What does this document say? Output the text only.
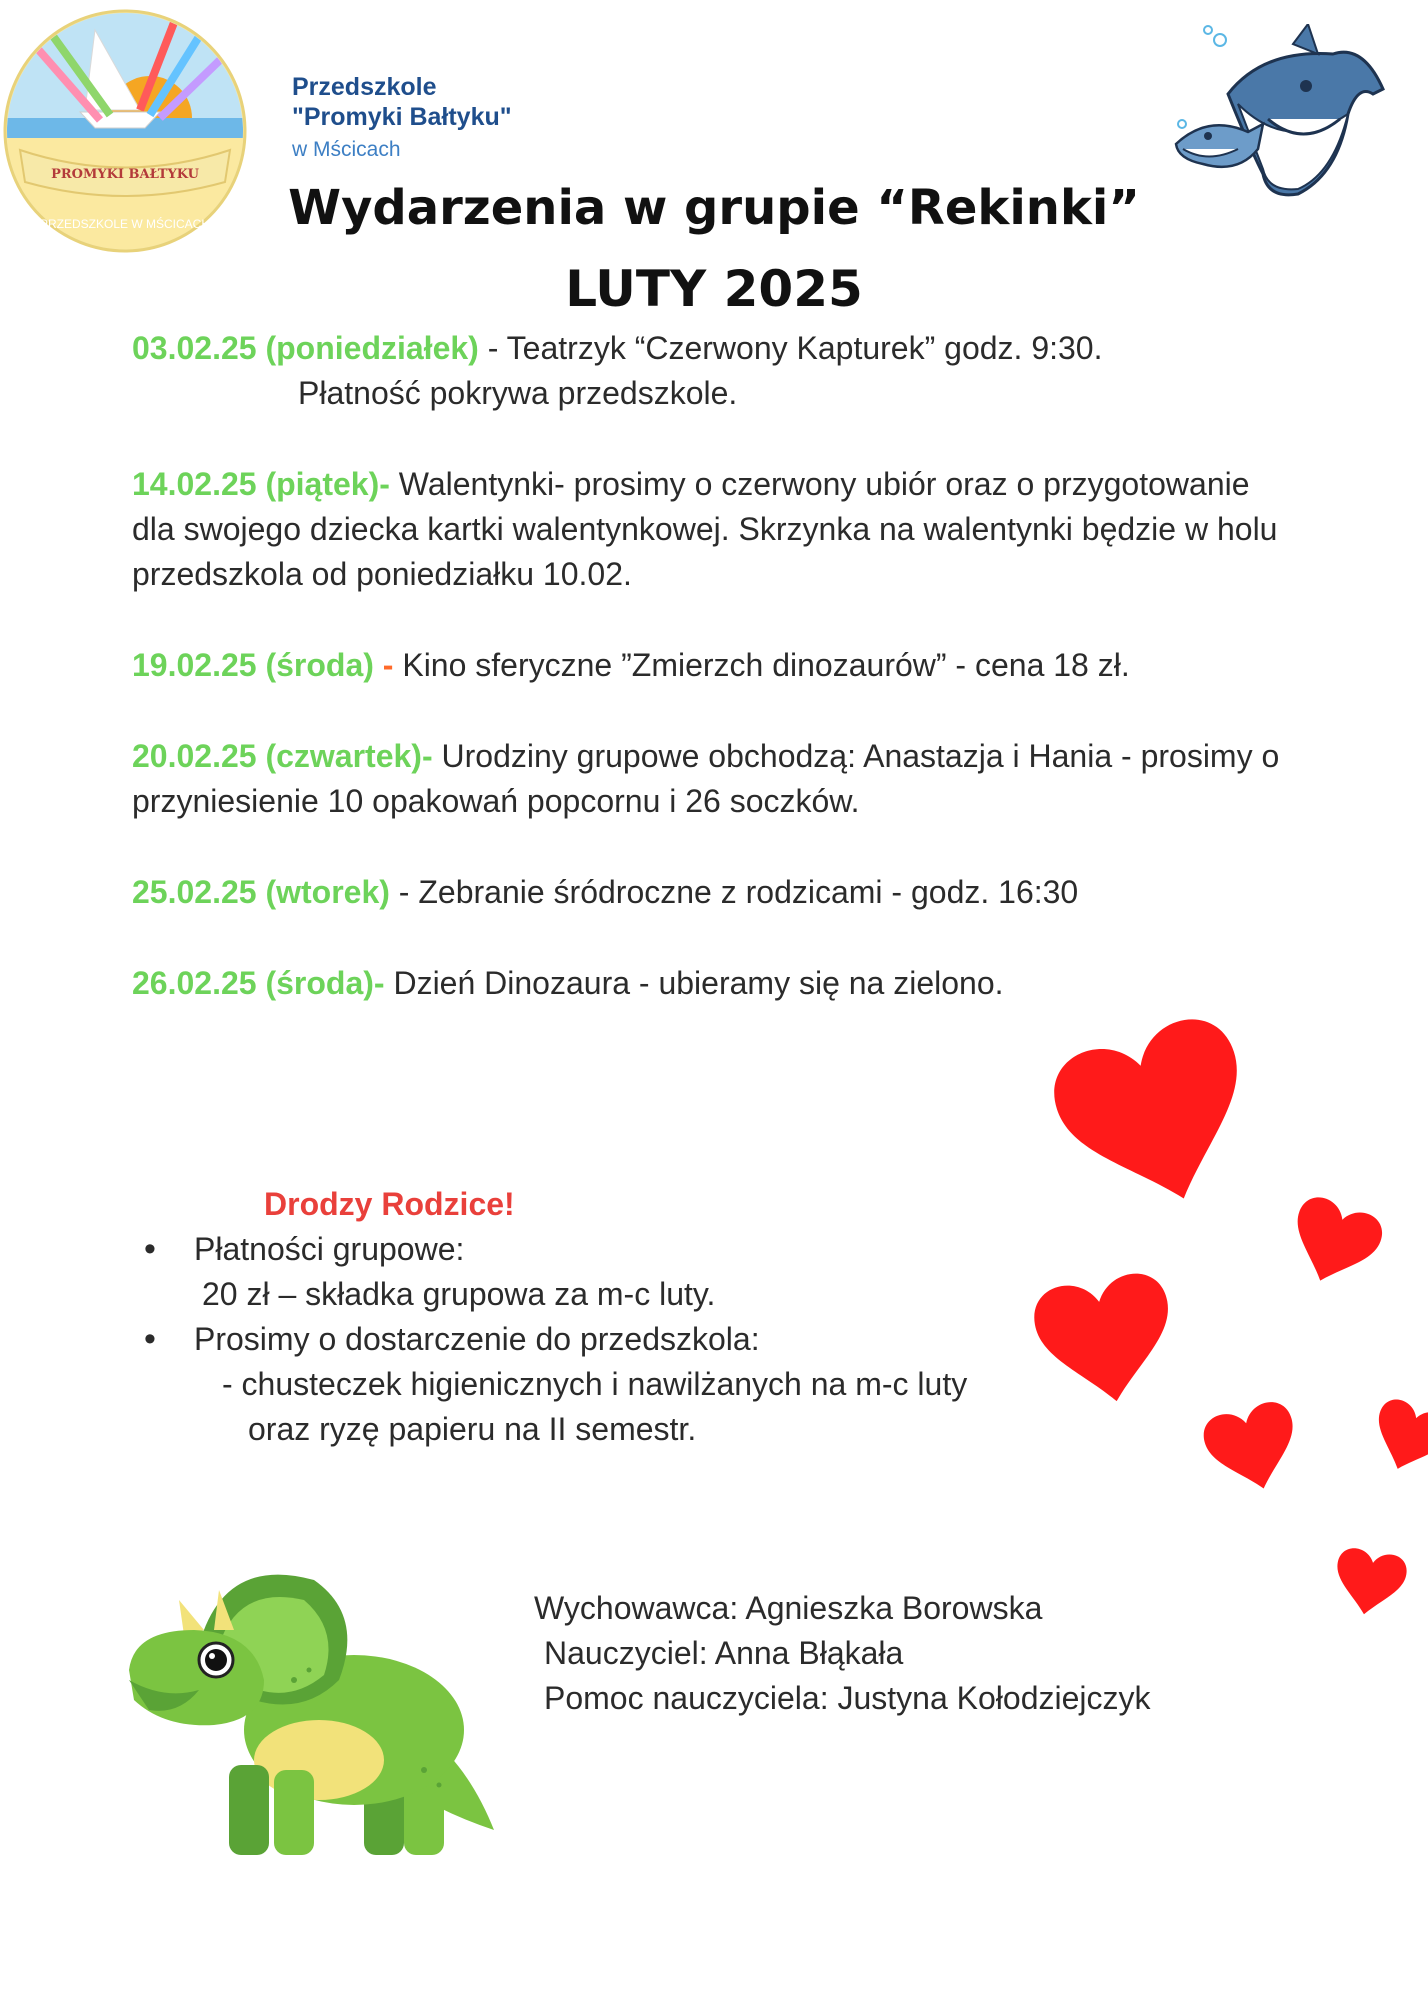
PROMYKI BAŁTYKU
PRZEDSZKOLE W MŚCICACH
Przedszkole
"Promyki Bałtyku"
w Mścicach
Wydarzenia w grupie “Rekinki”
LUTY 2025
03.02.25 (poniedziałek) - Teatrzyk “Czerwony Kapturek” godz. 9:30.
Płatność pokrywa przedszkole.
14.02.25 (piątek)- Walentynki- prosimy o czerwony ubiór oraz o przygotowanie dla swojego dziecka kartki walentynkowej. Skrzynka na walentynki będzie w holu przedszkola od poniedziałku 10.02.
19.02.25 (środa) - Kino sferyczne ”Zmierzch dinozaurów” - cena 18 zł.
20.02.25 (czwartek)- Urodziny grupowe obchodzą: Anastazja i Hania - prosimy o przyniesienie 10 opakowań popcornu i 26 soczków.
25.02.25 (wtorek) - Zebranie śródroczne z rodzicami - godz. 16:30
26.02.25 (środa)- Dzień Dinozaura - ubieramy się na zielono.
Drodzy Rodzice!
• Płatności grupowe:
20 zł – składka grupowa za m-c luty.
• Prosimy o dostarczenie do przedszkola:
- chusteczek higienicznych i nawilżanych na m-c luty
oraz ryzę papieru na II semestr.
Wychowawca: Agnieszka Borowska
Nauczyciel: Anna Błąkała
Pomoc nauczyciela: Justyna Kołodziejczyk
